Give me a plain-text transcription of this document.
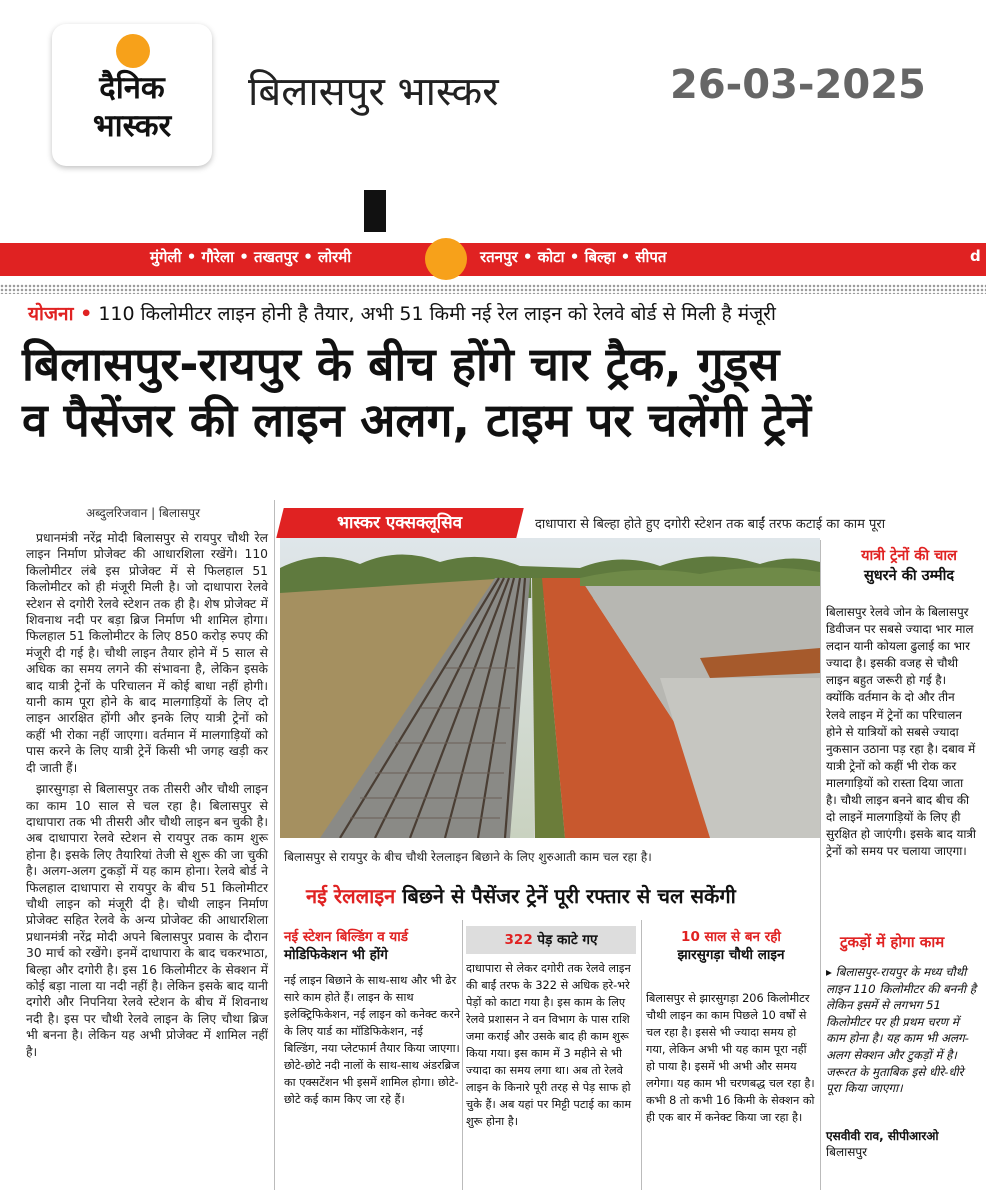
दैनिक
भास्कर
बिलासपुर भास्कर	26-03-2025
मुंगेली • गौरेला • तखतपुर • लोरमी	रतनपुर • कोटा • बिल्हा • सीपत	d
योजना • 110 किलोमीटर लाइन होनी है तैयार, अभी 51 किमी नई रेल लाइन को रेलवे बोर्ड से मिली है मंजूरी
बिलासपुर-रायपुर के बीच होंगे चार ट्रैक, गुड्स
व पैसेंजर की लाइन अलग, टाइम पर चलेंगी ट्रेनें
अब्दुलरिजवान | बिलासपुर

प्रधानमंत्री नरेंद्र मोदी बिलासपुर से रायपुर चौथी रेल लाइन निर्माण प्रोजेक्ट की आधारशिला रखेंगे। 110 किलोमीटर लंबे इस प्रोजेक्ट में से फिलहाल 51 किलोमीटर को ही मंजूरी मिली है। जो दाधापारा रेलवे स्टेशन से दगोरी रेलवे स्टेशन तक ही है। शेष प्रोजेक्ट में शिवनाथ नदी पर बड़ा ब्रिज निर्माण भी शामिल होगा। फिलहाल 51 किलोमीटर के लिए 850 करोड़ रुपए की मंजूरी दी गई है। चौथी लाइन तैयार होने में 5 साल से अधिक का समय लगने की संभावना है, लेकिन इसके बाद यात्री ट्रेनों के परिचालन में कोई बाधा नहीं होगी। यानी काम पूरा होने के बाद मालगाड़ियों के लिए दो लाइन आरक्षित होंगी और इनके लिए यात्री ट्रेनों को कहीं भी रोका नहीं जाएगा। वर्तमान में मालगाड़ियों को पास करने के लिए यात्री ट्रेनें किसी भी जगह खड़ी कर दी जाती हैं।

झारसुगड़ा से बिलासपुर तक तीसरी और चौथी लाइन का काम 10 साल से चल रहा है। बिलासपुर से दाधापारा तक भी तीसरी और चौथी लाइन बन चुकी है। अब दाधापारा रेलवे स्टेशन से रायपुर तक काम शुरू होना है। इसके लिए तैयारियां तेजी से शुरू की जा चुकी है। अलग-अलग टुकड़ों में यह काम होना। रेलवे बोर्ड ने फिलहाल दाधापारा से रायपुर के बीच 51 किलोमीटर चौथी लाइन को मंजूरी दी है। चौथी लाइन निर्माण प्रोजेक्ट सहित रेलवे के अन्य प्रोजेक्ट की आधारशिला प्रधानमंत्री नरेंद्र मोदी अपने बिलासपुर प्रवास के दौरान 30 मार्च को रखेंगे। इनमें दाधापारा के बाद चकरभाठा, बिल्हा और दगोरी है। इस 16 किलोमीटर के सेक्शन में कोई बड़ा नाला या नदी नहीं है। लेकिन इसके बाद यानी दगोरी और निपनिया रेलवे स्टेशन के बीच में शिवनाथ नदी है। इस पर चौथी रेलवे लाइन के लिए चौथा ब्रिज भी बनना है। लेकिन यह अभी प्रोजेक्ट में शामिल नहीं है।

भास्कर एक्सक्लूसिव	दाधापारा से बिल्हा होते हुए दगोरी स्टेशन तक बाईं तरफ कटाई का काम पूरा
बिलासपुर से रायपुर के बीच चौथी रेललाइन बिछाने के लिए शुरुआती काम चल रहा है।
यात्री ट्रेनों की चाल
सुधरने की उम्मीद
बिलासपुर रेलवे जोन के बिलासपुर डिवीजन पर सबसे ज्यादा भार माल लदान यानी कोयला ढुलाई का भार ज्यादा है। इसकी वजह से चौथी लाइन बहुत जरूरी हो गई है। क्योंकि वर्तमान के दो और तीन रेलवे लाइन में ट्रेनों का परिचालन होने से यात्रियों को सबसे ज्यादा नुकसान उठाना पड़ रहा है। दबाव में यात्री ट्रेनों को कहीं भी रोक कर मालगाड़ियों को रास्ता दिया जाता है। चौथी लाइन बनने बाद बीच की दो लाइनें मालगाड़ियों के लिए ही सुरक्षित हो जाएंगी। इसके बाद यात्री ट्रेनों को समय पर चलाया जाएगा।
टुकड़ों में होगा काम
▸ बिलासपुर-रायपुर के मध्य चौथी लाइन 110 किलोमीटर की बननी है लेकिन इसमें से लगभग 51 किलोमीटर पर ही प्रथम चरण में काम होना है। यह काम भी अलग-अलग सेक्शन और टुकड़ों में है। जरूरत के मुताबिक इसे धीरे-धीरे पूरा किया जाएगा।
एसवीवी राव, सीपीआरओ
बिलासपुर
नई रेललाइन बिछने से पैसेंजर ट्रेनें पूरी रफ्तार से चल सकेंगी
नई स्टेशन बिल्डिंग व यार्ड
मोडिफिकेशन भी होंगे
नई लाइन बिछाने के साथ-साथ और भी ढेर सारे काम होते हैं। लाइन के साथ इलेक्ट्रिफिकेशन, नई लाइन को कनेक्ट करने के लिए यार्ड का मॉडिफिकेशन, नई बिल्डिंग, नया प्लेटफार्म तैयार किया जाएगा। छोटे-छोटे नदी नालों के साथ-साथ अंडरब्रिज का एक्सटेंशन भी इसमें शामिल होगा। छोटे-छोटे कई काम किए जा रहे हैं।
322 पेड़ काटे गए
दाधापारा से लेकर दगोरी तक रेलवे लाइन की बाईं तरफ के 322 से अधिक हरे-भरे पेड़ों को काटा गया है। इस काम के लिए रेलवे प्रशासन ने वन विभाग के पास राशि जमा कराई और उसके बाद ही काम शुरू किया गया। इस काम में 3 महीने से भी ज्यादा का समय लगा था। अब तो रेलवे लाइन के किनारे पूरी तरह से पेड़ साफ हो चुके हैं। अब यहां पर मिट्टी पटाई का काम शुरू होना है।
10 साल से बन रही
झारसुगड़ा चौथी लाइन
बिलासपुर से झारसुगड़ा 206 किलोमीटर चौथी लाइन का काम पिछले 10 वर्षों से चल रहा है। इससे भी ज्यादा समय हो गया, लेकिन अभी भी यह काम पूरा नहीं हो पाया है। इसमें भी अभी और समय लगेगा। यह काम भी चरणबद्ध चल रहा है। कभी 8 तो कभी 16 किमी के सेक्शन को ही एक बार में कनेक्ट किया जा रहा है।
